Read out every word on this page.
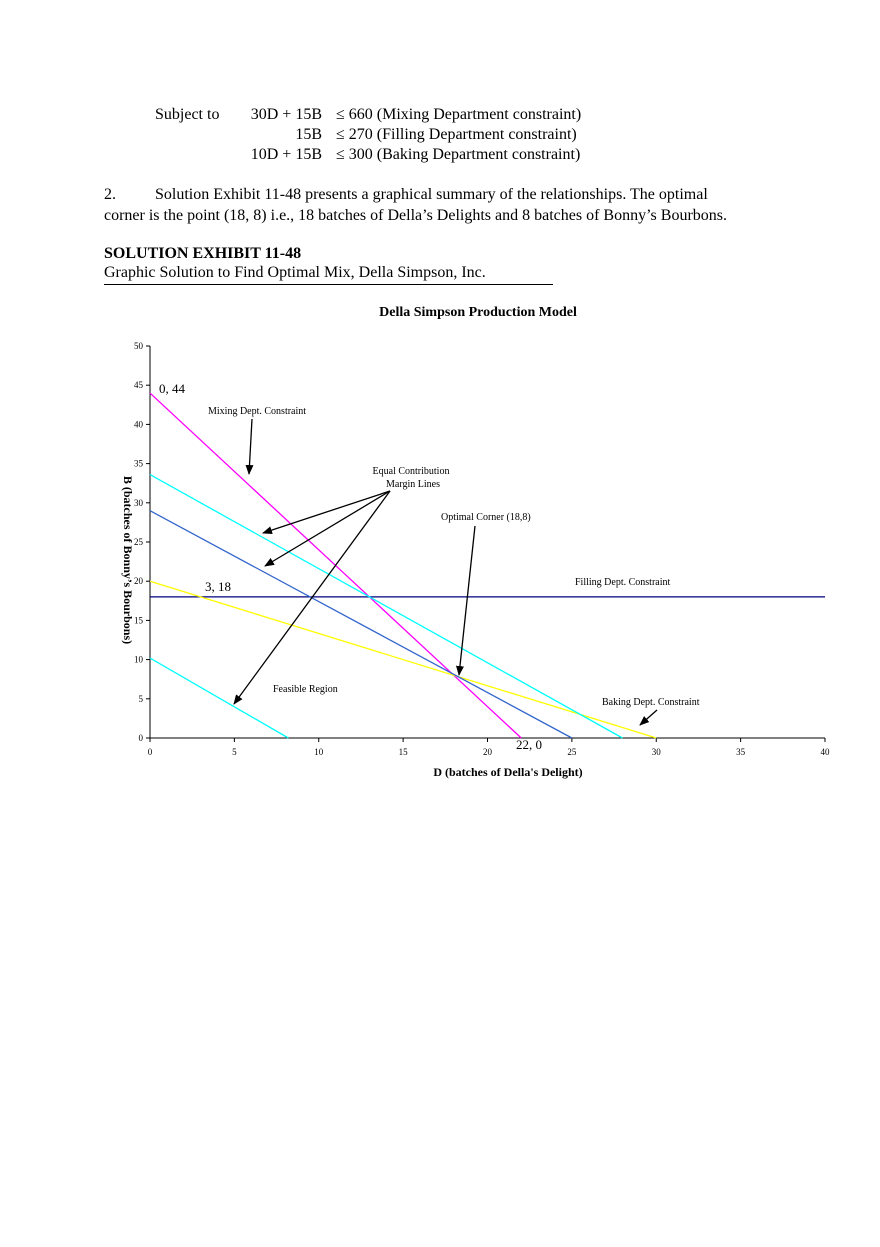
Subject to	30D + 15B ≤ 660 (Mixing Department constraint)
15B ≤ 270 (Filling Department constraint)
10D + 15B ≤ 300 (Baking Department constraint)
2. Solution Exhibit 11-48 presents a graphical summary of the relationships. The optimal
corner is the point (18, 8) i.e., 18 batches of Della’s Delights and 8 batches of Bonny’s Bourbons.
SOLUTION EXHIBIT 11-48
Graphic Solution to Find Optimal Mix, Della Simpson, Inc.
Della Simpson Production Model
0	5	10	15	20	25	30	35	40
0
5
10
15
20
25
30
35
40
45
50
D (batches of Della's Delight)
B (batches of Bonny’s Bourbons)
0, 44
3, 18
22, 0
Mixing Dept. Constraint
Equal Contribution
Margin Lines
Optimal Corner (18,8)
Filling Dept. Constraint
Feasible Region
Baking Dept. Constraint
